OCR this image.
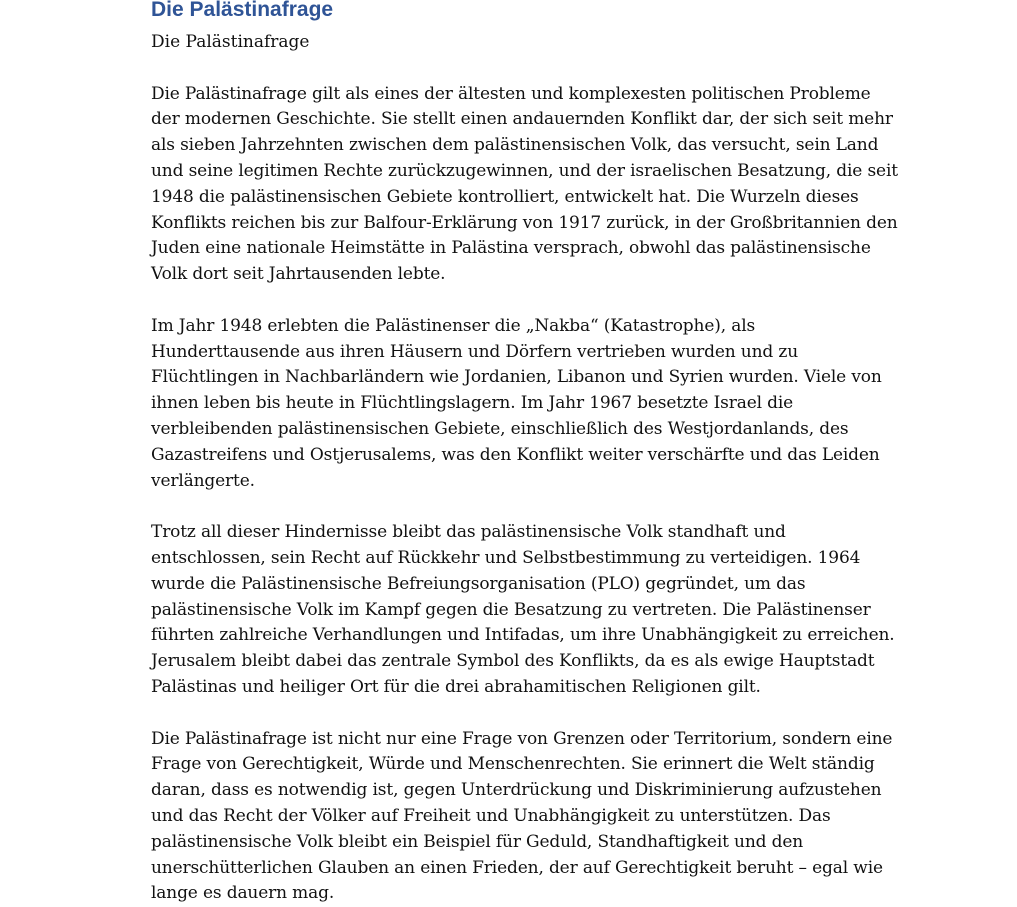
Die Palästinafrage

Die Palästinafrage

Die Palästinafrage gilt als eines der ältesten und komplexesten politischen Probleme der modernen Geschichte. Sie stellt einen andauernden Konflikt dar, der sich seit mehr als sieben Jahrzehnten zwischen dem palästinensischen Volk, das versucht, sein Land und seine legitimen Rechte zurückzugewinnen, und der israelischen Besatzung, die seit 1948 die palästinensischen Gebiete kontrolliert, entwickelt hat. Die Wurzeln dieses Konflikts reichen bis zur Balfour-Erklärung von 1917 zurück, in der Großbritannien den Juden eine nationale Heimstätte in Palästina versprach, obwohl das palästinensische Volk dort seit Jahrtausenden lebte.

Im Jahr 1948 erlebten die Palästinenser die „Nakba“ (Katastrophe), als Hunderttausende aus ihren Häusern und Dörfern vertrieben wurden und zu Flüchtlingen in Nachbarländern wie Jordanien, Libanon und Syrien wurden. Viele von ihnen leben bis heute in Flüchtlingslagern. Im Jahr 1967 besetzte Israel die verbleibenden palästinensischen Gebiete, einschließlich des Westjordanlands, des Gazastreifens und Ostjerusalems, was den Konflikt weiter verschärfte und das Leiden verlängerte.

Trotz all dieser Hindernisse bleibt das palästinensische Volk standhaft und entschlossen, sein Recht auf Rückkehr und Selbstbestimmung zu verteidigen. 1964 wurde die Palästinensische Befreiungsorganisation (PLO) gegründet, um das palästinensische Volk im Kampf gegen die Besatzung zu vertreten. Die Palästinenser führten zahlreiche Verhandlungen und Intifadas, um ihre Unabhängigkeit zu erreichen. Jerusalem bleibt dabei das zentrale Symbol des Konflikts, da es als ewige Hauptstadt Palästinas und heiliger Ort für die drei abrahamitischen Religionen gilt.

Die Palästinafrage ist nicht nur eine Frage von Grenzen oder Territorium, sondern eine Frage von Gerechtigkeit, Würde und Menschenrechten. Sie erinnert die Welt ständig daran, dass es notwendig ist, gegen Unterdrückung und Diskriminierung aufzustehen und das Recht der Völker auf Freiheit und Unabhängigkeit zu unterstützen. Das palästinensische Volk bleibt ein Beispiel für Geduld, Standhaftigkeit und den unerschütterlichen Glauben an einen Frieden, der auf Gerechtigkeit beruht – egal wie lange es dauern mag.
